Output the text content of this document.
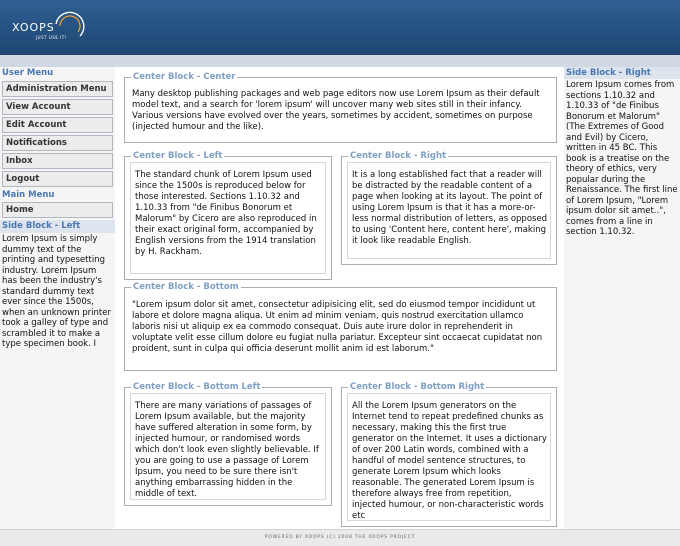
XOOPS
JUST USE IT!
User Menu
Administration Menu
View Account
Edit Account
Notifications
Inbox
Logout
Main Menu
Home
Side Block - Left
Lorem Ipsum is simply dummy text of the printing and typesetting industry. Lorem Ipsum has been the industry's standard dummy text ever since the 1500s, when an unknown printer took a galley of type and scrambled it to make a type specimen book. I
Center Block - Center
Many desktop publishing packages and web page editors now use Lorem Ipsum as their default model text, and a search for 'lorem ipsum' will uncover many web sites still in their infancy. Various versions have evolved over the years, sometimes by accident, sometimes on purpose (injected humour and the like).
Center Block - Left
The standard chunk of Lorem Ipsum used since the 1500s is reproduced below for those interested. Sections 1.10.32 and 1.10.33 from "de Finibus Bonorum et Malorum" by Cicero are also reproduced in their exact original form, accompanied by English versions from the 1914 translation by H. Rackham.
Center Block - Right
It is a long established fact that a reader will be distracted by the readable content of a page when looking at its layout. The point of using Lorem Ipsum is that it has a more-or-less normal distribution of letters, as opposed to using 'Content here, content here', making it look like readable English.
Center Block - Bottom
"Lorem ipsum dolor sit amet, consectetur adipisicing elit, sed do eiusmod tempor incididunt ut labore et dolore magna aliqua. Ut enim ad minim veniam, quis nostrud exercitation ullamco laboris nisi ut aliquip ex ea commodo consequat. Duis aute irure dolor in reprehenderit in voluptate velit esse cillum dolore eu fugiat nulla pariatur. Excepteur sint occaecat cupidatat non proident, sunt in culpa qui officia deserunt mollit anim id est laborum."
Center Block - Bottom Left
There are many variations of passages of Lorem Ipsum available, but the majority have suffered alteration in some form, by injected humour, or randomised words which don't look even slightly believable. If you are going to use a passage of Lorem Ipsum, you need to be sure there isn't anything embarrassing hidden in the middle of text.
Center Block - Bottom Right
All the Lorem Ipsum generators on the Internet tend to repeat predefined chunks as necessary, making this the first true generator on the Internet. It uses a dictionary of over 200 Latin words, combined with a handful of model sentence structures, to generate Lorem Ipsum which looks reasonable. The generated Lorem Ipsum is therefore always free from repetition, injected humour, or non-characteristic words etc
Side Block - Right
Lorem Ipsum comes from sections 1.10.32 and 1.10.33 of "de Finibus Bonorum et Malorum" (The Extremes of Good and Evil) by Cicero, written in 45 BC. This book is a treatise on the theory of ethics, very popular during the Renaissance. The first line of Lorem Ipsum, "Lorem ipsum dolor sit amet..", comes from a line in section 1.10.32.
POWERED BY XOOPS (C) 2008 THE XOOPS PROJECT
